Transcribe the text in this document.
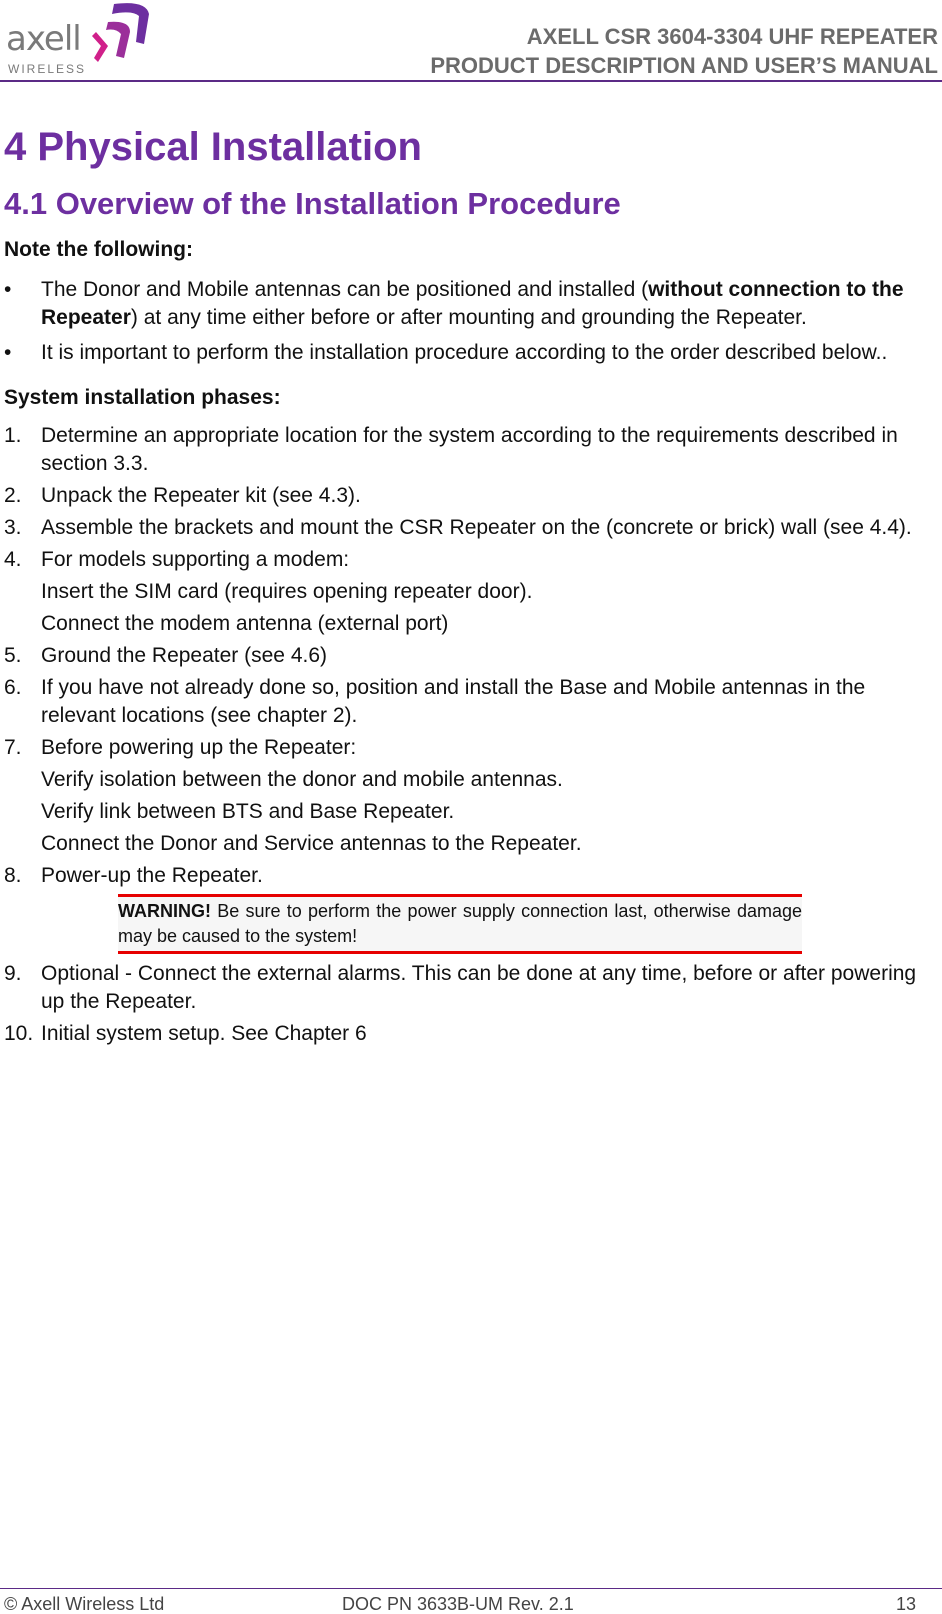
axell
WIRELESS
AXELL CSR 3604-3304 UHF REPEATER
PRODUCT DESCRIPTION AND USER’S MANUAL
4 Physical Installation
4.1 Overview of the Installation Procedure
Note the following:
• The Donor and Mobile antennas can be positioned and installed (without connection to the Repeater) at any time either before or after mounting and grounding the Repeater.
• It is important to perform the installation procedure according to the order described below..
System installation phases:
1. Determine an appropriate location for the system according to the requirements described in section 3.3.
2. Unpack the Repeater kit (see 4.3).
3. Assemble the brackets and mount the CSR Repeater on the (concrete or brick) wall (see 4.4).
4. For models supporting a modem:
Insert the SIM card (requires opening repeater door).
Connect the modem antenna (external port)
5. Ground the Repeater (see 4.6)
6. If you have not already done so, position and install the Base and Mobile antennas in the relevant locations (see chapter 2).
7. Before powering up the Repeater:
Verify isolation between the donor and mobile antennas.
Verify link between BTS and Base Repeater.
Connect the Donor and Service antennas to the Repeater.
8. Power-up the Repeater.
WARNING! Be sure to perform the power supply connection last, otherwise damage may be caused to the system!
9. Optional - Connect the external alarms. This can be done at any time, before or after powering up the Repeater.
10. Initial system setup. See Chapter 6
© Axell Wireless Ltd	DOC PN 3633B-UM Rev. 2.1	13
